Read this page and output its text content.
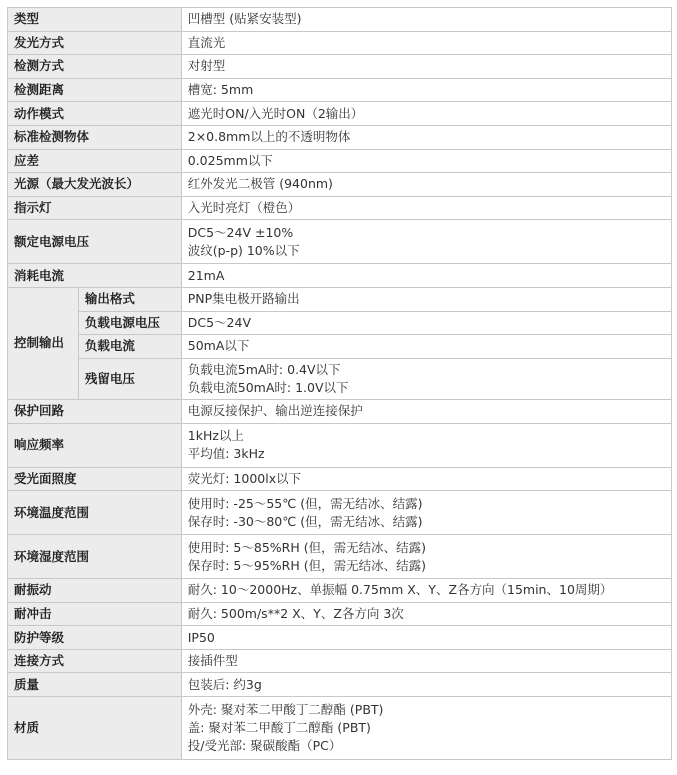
类型		凹槽型 (贴紧安装型)

发光方式		直流光

检测方式		对射型

检测距离		槽宽: 5mm

动作模式		遮光时ON/入光时ON（2输出）

标准检测物体		2×0.8mm以上的不透明物体

应差		0.025mm以下

光源（最大发光波长）		红外发光二极管 (940nm)

指示灯		入光时亮灯（橙色）

额定电源电压		DC5～24V ±10%
波纹(p-p) 10%以下

消耗电流		21mA

控制输出	输出格式	PNP集电极开路输出

	负载电源电压	DC5～24V

	负载电流	50mA以下

	残留电压	负载电流5mA时: 0.4V以下
负载电流50mA时: 1.0V以下

保护回路		电源反接保护、输出逆连接保护

响应频率		1kHz以上
平均值: 3kHz

受光面照度		荧光灯: 1000lx以下

环境温度范围		使用时: -25～55℃ (但，需无结冰、结露)
保存时: -30～80℃ (但，需无结冰、结露)

环境湿度范围		使用时: 5～85%RH (但，需无结冰、结露)
保存时: 5～95%RH (但，需无结冰、结露)

耐振动		耐久: 10～2000Hz、单振幅 0.75mm X、Y、Z各方向（15min、10周期）

耐冲击		耐久: 500m/s**2 X、Y、Z各方向 3次

防护等级		IP50

连接方式		接插件型

质量		包装后: 约3g

材质		外壳: 聚对苯二甲酸丁二醇酯 (PBT)
盖: 聚对苯二甲酸丁二醇酯 (PBT)
投/受光部: 聚碳酸酯（PC）
